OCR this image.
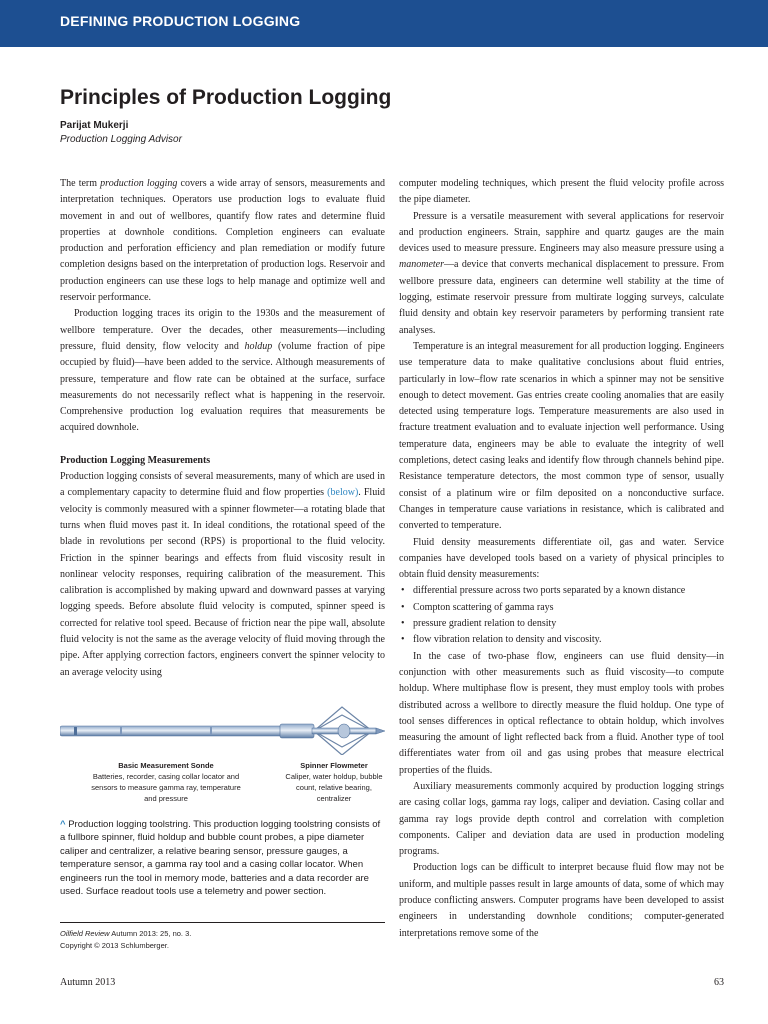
DEFINING PRODUCTION LOGGING
Principles of Production Logging
Parijat Mukerji
Production Logging Advisor

The term production logging covers a wide array of sensors, measurements and interpretation techniques. Operators use production logs to evaluate fluid movement in and out of wellbores, quantify flow rates and determine fluid properties at downhole conditions. Completion engineers can evaluate production and perforation efficiency and plan remediation or modify future completion designs based on the interpretation of production logs. Reservoir and production engineers can use these logs to help manage and optimize well and reservoir performance.

Production logging traces its origin to the 1930s and the measurement of wellbore temperature. Over the decades, other measurements—including pressure, fluid density, flow velocity and holdup (volume fraction of pipe occupied by fluid)—have been added to the service. Although measurements of pressure, temperature and flow rate can be obtained at the surface, surface measurements do not necessarily reflect what is happening in the reservoir. Comprehensive production log evaluation requires that measurements be acquired downhole.

Production Logging Measurements

Production logging consists of several measurements, many of which are used in a complementary capacity to determine fluid and flow properties (below). Fluid velocity is commonly measured with a spinner flowmeter—a rotating blade that turns when fluid moves past it. In ideal conditions, the rotational speed of the blade in revolutions per second (RPS) is proportional to the fluid velocity. Friction in the spinner bearings and effects from fluid viscosity result in nonlinear velocity responses, requiring calibration of the measurement. This calibration is accomplished by making upward and downward passes at varying logging speeds. Before absolute fluid velocity is computed, spinner speed is corrected for relative tool speed. Because of friction near the pipe wall, absolute fluid velocity is not the same as the average velocity of fluid moving through the pipe. After applying correction factors, engineers convert the spinner velocity to an average velocity using

Basic Measurement Sonde
Batteries, recorder, casing collar locator and sensors to measure gamma ray, temperature and pressure
Spinner Flowmeter
Caliper, water holdup, bubble count, relative bearing, centralizer
^ Production logging toolstring. This production logging toolstring consists of a fullbore spinner, fluid holdup and bubble count probes, a pipe diameter caliper and centralizer, a relative bearing sensor, pressure gauges, a temperature sensor, a gamma ray tool and a casing collar locator. When engineers run the tool in memory mode, batteries and a data recorder are used. Surface readout tools use a telemetry and power section.
Oilfield Review Autumn 2013: 25, no. 3.
Copyright © 2013 Schlumberger.

computer modeling techniques, which present the fluid velocity profile across the pipe diameter.

Pressure is a versatile measurement with several applications for reservoir and production engineers. Strain, sapphire and quartz gauges are the main devices used to measure pressure. Engineers may also measure pressure using a manometer—a device that converts mechanical displacement to pressure. From wellbore pressure data, engineers can determine well stability at the time of logging, estimate reservoir pressure from multirate logging surveys, calculate fluid density and obtain key reservoir parameters by performing transient rate analyses.

Temperature is an integral measurement for all production logging. Engineers use temperature data to make qualitative conclusions about fluid entries, particularly in low–flow rate scenarios in which a spinner may not be sensitive enough to detect movement. Gas entries create cooling anomalies that are easily detected using temperature logs. Temperature measurements are also used in fracture treatment evaluation and to evaluate injection well performance. Using temperature data, engineers may be able to evaluate the integrity of well completions, detect casing leaks and identify flow through channels behind pipe. Resistance temperature detectors, the most common type of sensor, usually consist of a platinum wire or film deposited on a nonconductive surface. Changes in temperature cause variations in resistance, which is calibrated and converted to temperature.

Fluid density measurements differentiate oil, gas and water. Service companies have developed tools based on a variety of physical principles to obtain fluid density measurements:

• differential pressure across two ports separated by a known distance
• Compton scattering of gamma rays
• pressure gradient relation to density
• flow vibration relation to density and viscosity.

In the case of two-phase flow, engineers can use fluid density—in conjunction with other measurements such as fluid viscosity—to compute holdup. Where multiphase flow is present, they must employ tools with probes distributed across a wellbore to directly measure the fluid holdup. One type of tool senses differences in optical reflectance to obtain holdup, which involves measuring the amount of light reflected back from a fluid. Another type of tool differentiates water from oil and gas using probes that measure electrical properties of the fluids.

Auxiliary measurements commonly acquired by production logging strings are casing collar logs, gamma ray logs, caliper and deviation. Casing collar and gamma ray logs provide depth control and correlation with completion components. Caliper and deviation data are used in production modeling programs.

Production logs can be difficult to interpret because fluid flow may not be uniform, and multiple passes result in large amounts of data, some of which may produce conflicting answers. Computer programs have been developed to assist engineers in understanding downhole conditions; computer-generated interpretations remove some of the

Autumn 2013	63
